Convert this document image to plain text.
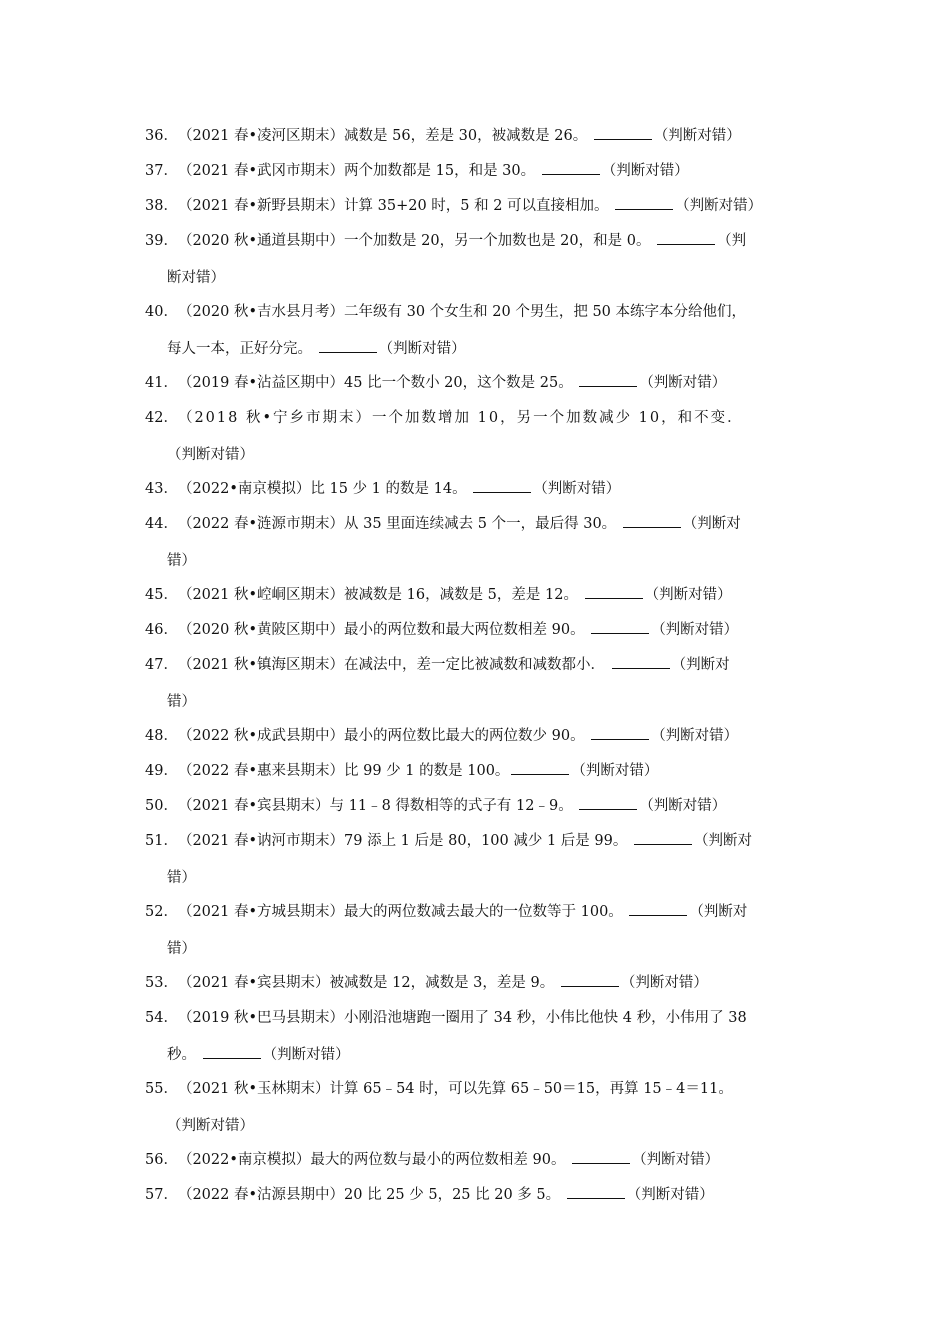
36．（2021 春•凌河区期末）减数是 56，差是 30，被减数是 26。	（判断对错）
37．（2021 春•武冈市期末）两个加数都是 15，和是 30。	（判断对错）
38．（2021 春•新野县期末）计算 35+20 时，5 和 2 可以直接相加。	（判断对错）
39．（2020 秋•通道县期中）一个加数是 20，另一个加数也是 20，和是 0。	（判
断对错）
40．（2020 秋•吉水县月考）二年级有 30 个女生和 20 个男生，把 50 本练字本分给他们，
每人一本，正好分完。	（判断对错）
41．（2019 春•沾益区期中）45 比一个数小 20，这个数是 25。	（判断对错）
42．（2018 秋•宁乡市期末）一个加数增加 10，另一个加数减少 10，和不变．
（判断对错）
43．（2022•南京模拟）比 15 少 1 的数是 14。	（判断对错）
44．（2022 春•涟源市期末）从 35 里面连续减去 5 个一，最后得 30。	（判断对
错）
45．（2021 秋•崆峒区期末）被减数是 16，减数是 5，差是 12。	（判断对错）
46．（2020 秋•黄陂区期中）最小的两位数和最大两位数相差 90。	（判断对错）
47．（2021 秋•镇海区期末）在减法中，差一定比被减数和减数都小．	（判断对
错）
48．（2022 秋•成武县期中）最小的两位数比最大的两位数少 90。	（判断对错）
49．（2022 春•惠来县期末）比 99 少 1 的数是 100。	（判断对错）
50．（2021 春•宾县期末）与 11﹣8 得数相等的式子有 12﹣9。	（判断对错）
51．（2021 春•讷河市期末）79 添上 1 后是 80，100 减少 1 后是 99。	（判断对
错）
52．（2021 春•方城县期末）最大的两位数减去最大的一位数等于 100。	（判断对
错）
53．（2021 春•宾县期末）被减数是 12，减数是 3，差是 9。	（判断对错）
54．（2019 秋•巴马县期末）小刚沿池塘跑一圈用了 34 秒，小伟比他快 4 秒，小伟用了 38
秒。	（判断对错）
55．（2021 秋•玉林期末）计算 65﹣54 时，可以先算 65﹣50＝15，再算 15﹣4＝11。
（判断对错）
56．（2022•南京模拟）最大的两位数与最小的两位数相差 90。	（判断对错）
57．（2022 春•沽源县期中）20 比 25 少 5，25 比 20 多 5。	（判断对错）
